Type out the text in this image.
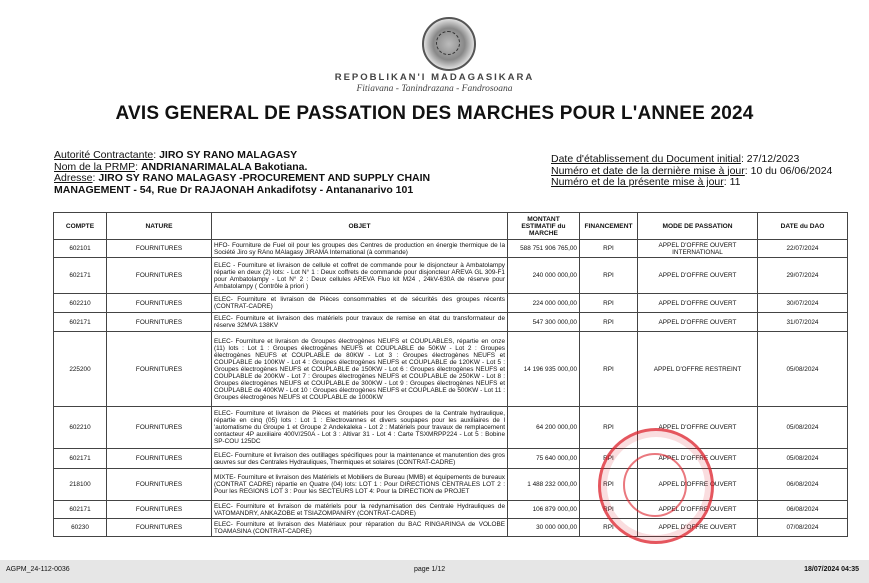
REPOBLIKAN'I MADAGASIKARA
Fitiavana - Tanindrazana - Fandrosoana
AVIS GENERAL DE PASSATION DES MARCHES POUR L'ANNEE 2024
Autorité Contractante: JIRO SY RANO MALAGASY
Nom de la PRMP: ANDRIANARIMALALA Bakotiana.
Adresse: JIRO SY RANO MALAGASY -PROCUREMENT AND SUPPLY CHAIN MANAGEMENT - 54, Rue Dr RAJAONAH Ankadifotsy - Antananarivo 101
Date d'établissement du Document initial: 27/12/2023
Numéro et date de la dernière mise à jour: 10 du 06/06/2024
Numéro et de la présente mise à jour: 11
COMPTE	NATURE	OBJET	MONTANT ESTIMATIF du MARCHE	FINANCEMENT	MODE DE PASSATION	DATE du DAO
602101	FOURNITURES	HFO- Fourniture de Fuel oil pour les groupes des Centres de production en énergie thermique de la Société Jiro sy RAno MAlagasy JIRAMA International (à commande)	588 751 906 765,00	RPI	APPEL D'OFFRE OUVERT INTERNATIONAL	22/07/2024
602171	FOURNITURES	ELEC - Fourniture et livraison de cellule et coffret de commande pour le disjoncteur à Ambatolampy répartie en deux (2) lots: - Lot N° 1 : Deux coffrets de commande pour disjoncteur AREVA GL 309-F1 pour Ambatolampy - Lot N° 2 : Deux cellules AREVA Fluo kit M24 , 24kV-630A de réserve pour Ambatolampy ( Contrôle à priori )	240 000 000,00	RPI	APPEL D'OFFRE OUVERT	29/07/2024
602210	FOURNITURES	ELEC- Fourniture et livraison de Pièces consommables et de sécurités des groupes récents (CONTRAT-CADRE)	224 000 000,00	RPI	APPEL D'OFFRE OUVERT	30/07/2024
602171	FOURNITURES	ELEC- Fourniture et livraison des matériels pour travaux de remise en état du transformateur de réserve 32MVA 138KV	547 300 000,00	RPI	APPEL D'OFFRE OUVERT	31/07/2024
225200	FOURNITURES	ELEC- Fourniture et livraison de Groupes électrogènes NEUFS et COUPLABLES, répartie en onze (11) lots : Lot 1 : Groupes électrogènes NEUFS et COUPLABLE de 50KW - Lot 2 : Groupes électrogènes NEUFS et COUPLABLE de 80KW - Lot 3 : Groupes électrogènes NEUFS et COUPLABLE de 100KW - Lot 4 : Groupes électrogènes NEUFS et COUPLABLE de 120KW - Lot 5 : Groupes électrogènes NEUFS et COUPLABLE de 150KW - Lot 6 : Groupes électrogènes NEUFS et COUPLABLE de 200KW - Lot 7 : Groupes électrogènes NEUFS et COUPLABLE de 250KW - Lot 8 : Groupes électrogènes NEUFS et COUPLABLE de 300KW - Lot 9 : Groupes électrogènes NEUFS et COUPLABLE de 400KW - Lot 10 : Groupes électrogènes NEUFS et COUPLABLE de 500KW - Lot 11 : Groupes électrogènes NEUFS et COUPLABLE de 1000KW	14 196 935 000,00	RPI	APPEL D'OFFRE RESTREINT	05/08/2024
602210	FOURNITURES	ELEC- Fourniture et livraison de Pièces et matériels pour les Groupes de la Centrale hydraulique, répartie en cinq (05) lots : Lot 1 : Electrovannes et divers soupapes pour les auxiliaires de l 'automatisme du Groupe 1 et Groupe 2 Andekaleka - Lot 2 : Matériels pour travaux de remplacement contacteur 4P auxiliaire 400V/250A - Lot 3 : Altivar 31 - Lot 4 : Carte TSXMRPP224 - Lot 5 : Bobine SP-COU 125DC	64 200 000,00	RPI	APPEL D'OFFRE OUVERT	05/08/2024
602171	FOURNITURES	ELEC- Fourniture et livraison des outillages spécifiques pour la maintenance et manutention des gros œuvres sur des Centrales Hydrauliques, Thermiques et solaires (CONTRAT-CADRE)	75 640 000,00	RPI	APPEL D'OFFRE OUVERT	05/08/2024
218100	FOURNITURES	MIXTE- Fourniture et livraison des Matériels et Mobiliers de Bureau (MMB) et équipements de bureaux (CONTRAT CADRE) répartie en Quatre (04) lots: LOT 1 : Pour DIRECTIONS CENTRALES LOT 2 : Pour les REGIONS LOT 3 : Pour les SECTEURS LOT 4: Pour la DIRECTION de PROJET	1 488 232 000,00	RPI	APPEL D'OFFRE OUVERT	06/08/2024
602171	FOURNITURES	ELEC- Fourniture et livraison de matériels pour la redynamisation des Centrale Hydrauliques de VATOMANDRY, ANKAZOBE et TSIAZOMPANIRY (CONTRAT-CADRE)	106 879 000,00	RPI	APPEL D'OFFRE OUVERT	06/08/2024
60230	FOURNITURES	ELEC- Fourniture et livraison des Matériaux pour réparation du BAC RINGARINGA de VOLOBE TOAMASINA (CONTRAT-CADRE)	30 000 000,00	RPI	APPEL D'OFFRE OUVERT	07/08/2024
AGPM_24-112-0036	page 1/12	18/07/2024 04:35
